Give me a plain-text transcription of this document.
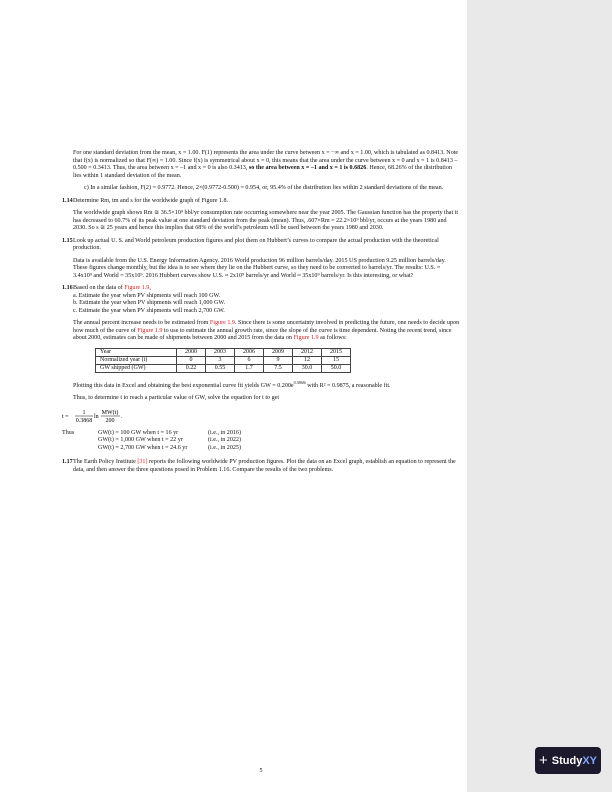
For one standard deviation from the mean, x = 1.00. F(1) represents the area under the curve between x = −∞ and x = 1.00, which is tabulated as 0.8413. Note that f(x) is normalized so that F(∞) = 1.00. Since f(x) is symmetrical about x = 0, this means that the area under the curve between x = 0 and x = 1 is 0.8413 –0.500 = 0.3413. Thus, the area between x = –1 and x = 0 is also 0.3413, so the area between x = –1 and x = 1 is 0.6826. Hence, 68.26% of the distribution lies within 1 standard deviation of the mean.

c) In a similar fashion, F(2) = 0.9772. Hence, 2×(0.9772-0.500) = 0.954, or, 95.4% of the distribution lies within 2 standard deviations of the mean.

1.14 Determine Rm, tm and s for the worldwide graph of Figure 1.8.

The worldwide graph shows Rm ≅ 36.5×10⁹ bbl/yr consumption rate occurring somewhere near the year 2005. The Gaussian function has the property that it has decreased to 60.7% of its peak value at one standard deviation from the peak (mean). Thus, .607×Rm = 22.2×10⁹ bbl/yr, occurs at the years 1980 and 2030. So s ≅ 25 years and hence this implies that 68% of the world’s petroleum will be used between the years 1980 and 2030.

1.15 Look up actual U. S. and World petroleum production figures and plot them on Hubbert’s curves to compare the actual production with the theoretical production.

Data is available from the U.S. Energy Information Agency. 2016 World production 96 million barrels/day. 2015 US production 9.25 million barrels/day. These figures change monthly, but the idea is to see where they lie on the Hubbert curve, so they need to be converted to barrels/yr. The results: U.S. = 3.4x10⁹ and World = 35x10⁹. 2016 Hubbert curves show U.S. ≈ 2x10⁹ barrels/yr and World ≈ 35x10⁹ barrels/yr. Is this interesting, or what?

1.16 Based on the data of Figure 1.9,

a. Estimate the year when PV shipments will reach 100 GW.
b. Estimate the year when PV shipments will reach 1,000 GW.
c. Estimate the year when PV shipments will reach 2,700 GW.

The annual percent increase needs to be estimated from Figure 1.9. Since there is some uncertainty involved in predicting the future, one needs to decide upon how much of the curve of Figure 1.9 to use to estimate the annual growth rate, since the slope of the curve is time dependent. Noting the recent trend, since about 2000, estimates can be made of shipments between 2000 and 2015 from the data on Figure 1.9 as follows:

Year	2000	2003	2006	2009	2012	2015
Normalized year (t)	0	3	6	9	12	15
GW shipped (GW)	0.22	0.55	1.7	7.5	30.0	50.0

Plotting this data in Excel and obtaining the best exponential curve fit yields GW = $0.200e^{0.3868t}$ with R² = 0.9875, a reasonable fit.

Thus, to determine t to reach a particular value of GW, solve the equation for t to get

t =
1
0.3868
ln
MW(t)
200
.
Thus	GW(t) = 100 GW when t = 16 yr	(i.e., in 2016)
GW(t) = 1,000 GW when t = 22 yr	(i.e., in 2022)
GW(t) = 2,700 GW when t = 24.6 yr	(i.e., in 2025)
1.17 The Earth Policy Institute [31] reports the following worldwide PV production figures. Plot the data on an Excel graph, establish an equation to represent the data, and then answer the three questions posed in Problem 1.16. Compare the results of the two problems.

5
+ StudyXY
